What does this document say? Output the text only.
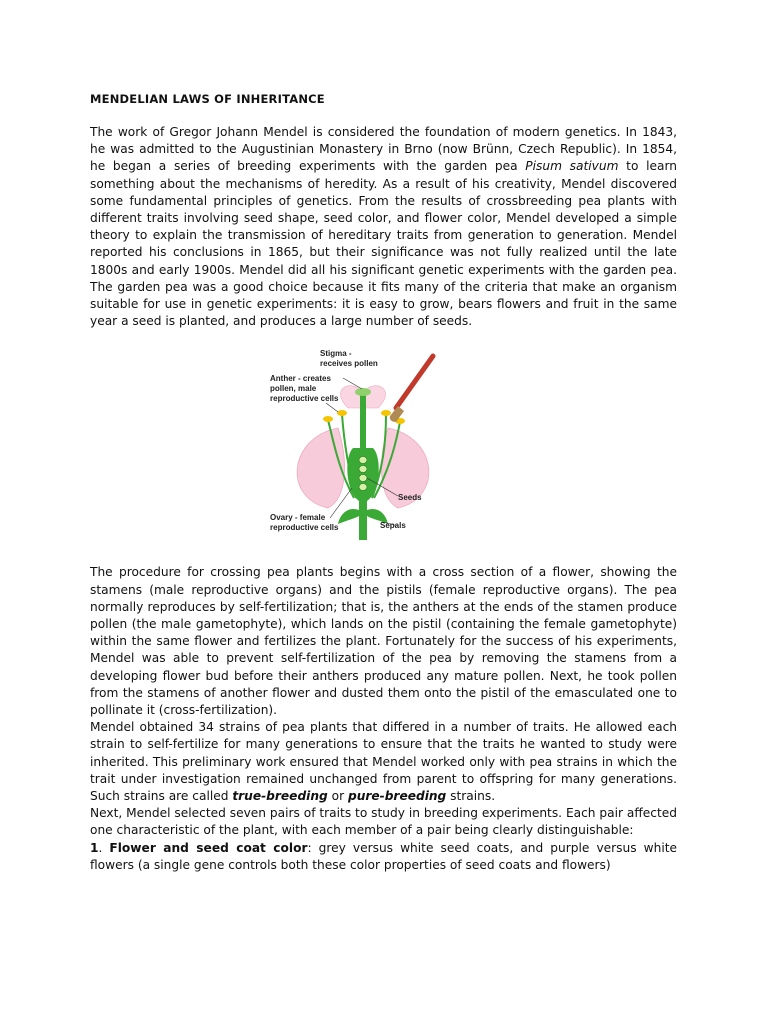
MENDELIAN LAWS OF INHERITANCE

The work of Gregor Johann Mendel is considered the foundation of modern genetics. In 1843, he was admitted to the Augustinian Monastery in Brno (now Brünn, Czech Republic). In 1854, he began a series of breeding experiments with the garden pea Pisum sativum to learn something about the mechanisms of heredity. As a result of his creativity, Mendel discovered some fundamental principles of genetics. From the results of crossbreeding pea plants with different traits involving seed shape, seed color, and flower color, Mendel developed a simple theory to explain the transmission of hereditary traits from generation to generation. Mendel reported his conclusions in 1865, but their significance was not fully realized until the late 1800s and early 1900s. Mendel did all his significant genetic experiments with the garden pea. The garden pea was a good choice because it fits many of the criteria that make an organism suitable for use in genetic experiments: it is easy to grow, bears flowers and fruit in the same year a seed is planted, and produces a large number of seeds.

Stigma -
receives pollen
Anther - creates
pollen, male
reproductive cells
Seeds
Ovary - female
reproductive cells	Sepals

The procedure for crossing pea plants begins with a cross section of a flower, showing the stamens (male reproductive organs) and the pistils (female reproductive organs). The pea normally reproduces by self-fertilization; that is, the anthers at the ends of the stamen produce pollen (the male gametophyte), which lands on the pistil (containing the female gametophyte) within the same flower and fertilizes the plant. Fortunately for the success of his experiments, Mendel was able to prevent self-fertilization of the pea by removing the stamens from a developing flower bud before their anthers produced any mature pollen. Next, he took pollen from the stamens of another flower and dusted them onto the pistil of the emasculated one to pollinate it (cross-fertilization).

Mendel obtained 34 strains of pea plants that differed in a number of traits. He allowed each strain to self-fertilize for many generations to ensure that the traits he wanted to study were inherited. This preliminary work ensured that Mendel worked only with pea strains in which the trait under investigation remained unchanged from parent to offspring for many generations. Such strains are called true-breeding or pure-breeding strains.

Next, Mendel selected seven pairs of traits to study in breeding experiments. Each pair affected one characteristic of the plant, with each member of a pair being clearly distinguishable:

1. Flower and seed coat color: grey versus white seed coats, and purple versus white flowers (a single gene controls both these color properties of seed coats and flowers)
